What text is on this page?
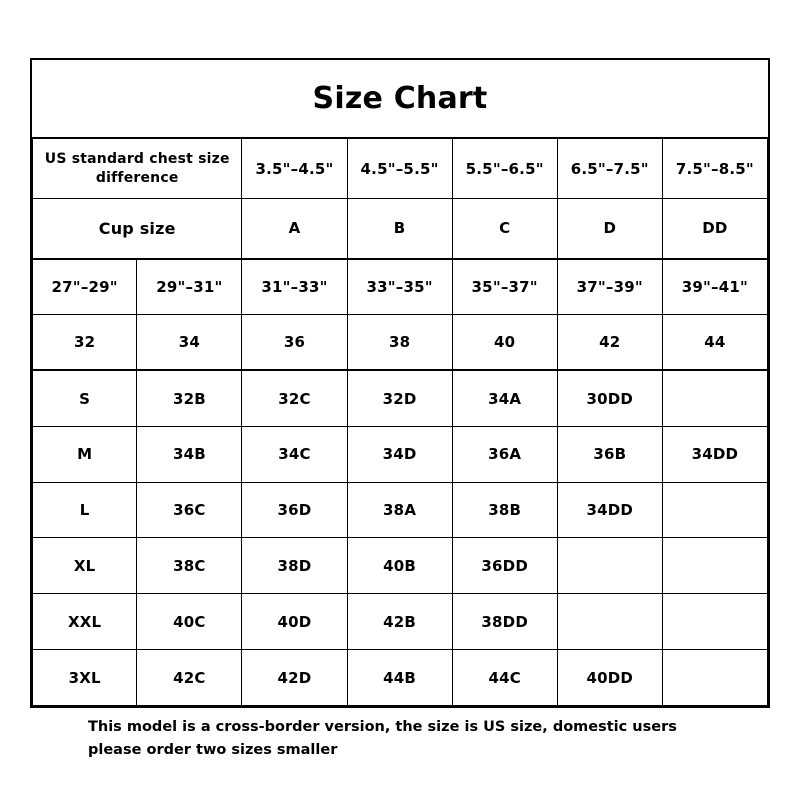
Size Chart						
US standard chest size difference		3.5"–4.5"	4.5"–5.5"	5.5"–6.5"	6.5"–7.5"	7.5"–8.5"
Cup size		A	B	C	D	DD
27"–29"	29"–31"	31"–33"	33"–35"	35"–37"	37"–39"	39"–41"
32	34	36	38	40	42	44
S	32B	32C	32D	34A	30DD	
M	34B	34C	34D	36A	36B	34DD
L	36C	36D	38A	38B	34DD	
XL	38C	38D	40B	36DD		
XXL	40C	40D	42B	38DD		
3XL	42C	42D	44B	44C	40DD	
This model is a cross-border version, the size is US size, domestic users please order two sizes smaller
